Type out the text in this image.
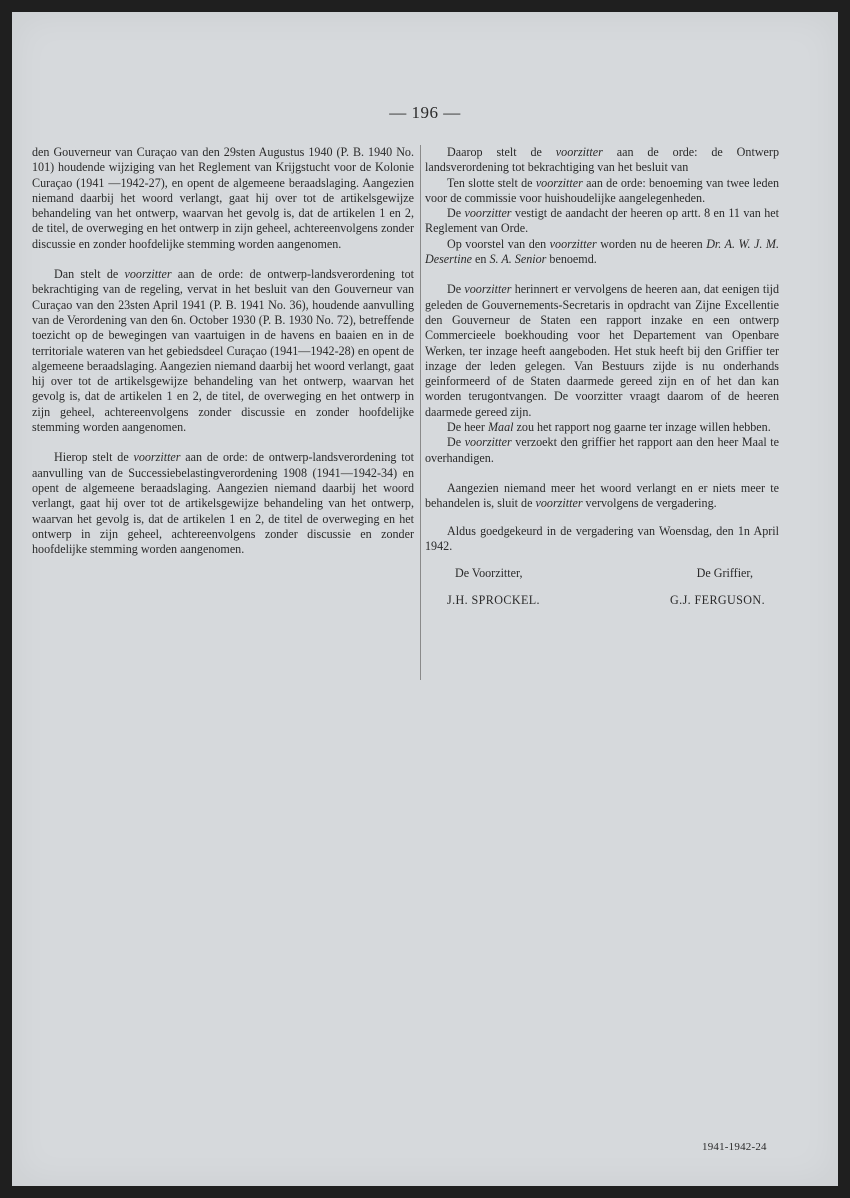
— 196 —

den Gouverneur van Curaçao van den 29sten Augustus 1940 (P. B. 1940 No. 101) houdende wijziging van het Reglement van Krijgstucht voor de Kolonie Curaçao (1941 —1942-27), en opent de algemeene beraadslaging. Aangezien niemand daarbij het woord verlangt, gaat hij over tot de artikelsgewijze behandeling van het ontwerp, waarvan het gevolg is, dat de artikelen 1 en 2, de titel, de overweging en het ontwerp in zijn geheel, achtereenvolgens zonder discussie en zonder hoofdelijke stemming worden aangenomen.

Dan stelt de voorzitter aan de orde: de ontwerp-landsverordening tot bekrachtiging van de regeling, vervat in het besluit van den Gouverneur van Curaçao van den 23sten April 1941 (P. B. 1941 No. 36), houdende aanvulling van de Verordening van den 6n. October 1930 (P. B. 1930 No. 72), betreffende toezicht op de bewegingen van vaartuigen in de havens en baaien en in de territoriale wateren van het gebiedsdeel Curaçao (1941—1942-28) en opent de algemeene beraadslaging. Aangezien niemand daarbij het woord verlangt, gaat hij over tot de artikelsgewijze behandeling van het ontwerp, waarvan het gevolg is, dat de artikelen 1 en 2, de titel, de overweging en het ontwerp in zijn geheel, achtereenvolgens zonder discussie en zonder hoofdelijke stemming worden aangenomen.

Hierop stelt de voorzitter aan de orde: de ontwerp-landsverordening tot aanvulling van de Successiebelastingverordening 1908 (1941—1942-34) en opent de algemeene beraadslaging. Aangezien niemand daarbij het woord verlangt, gaat hij over tot de artikelsgewijze behandeling van het ontwerp, waarvan het gevolg is, dat de artikelen 1 en 2, de titel de overweging en het ontwerp in zijn geheel, achtereenvolgens zonder discussie en zonder hoofdelijke stemming worden aangenomen.

Daarop stelt de voorzitter aan de orde: de Ontwerp landsverordening tot bekrachtiging van het besluit van

Ten slotte stelt de voorzitter aan de orde: benoeming van twee leden voor de commissie voor huishoudelijke aangelegenheden.

De voorzitter vestigt de aandacht der heeren op artt. 8 en 11 van het Reglement van Orde.

Op voorstel van den voorzitter worden nu de heeren Dr. A. W. J. M. Desertine en S. A. Senior benoemd.

De voorzitter herinnert er vervolgens de heeren aan, dat eenigen tijd geleden de Gouvernements-Secretaris in opdracht van Zijne Excellentie den Gouverneur de Staten een rapport inzake en een ontwerp Commercieele boekhouding voor het Departement van Openbare Werken, ter inzage heeft aangeboden. Het stuk heeft bij den Griffier ter inzage der leden gelegen. Van Bestuurs zijde is nu onderhands geinformeerd of de Staten daarmede gereed zijn en of het dan kan worden terugontvangen. De voorzitter vraagt daarom of de heeren daarmede gereed zijn.

De heer Maal zou het rapport nog gaarne ter inzage willen hebben.

De voorzitter verzoekt den griffier het rapport aan den heer Maal te overhandigen.

Aangezien niemand meer het woord verlangt en er niets meer te behandelen is, sluit de voorzitter vervolgens de vergadering.

Aldus goedgekeurd in de vergadering van Woensdag, den 1n April 1942.

De Voorzitter,	De Griffier,
J.H. SPROCKEL.	G.J. FERGUSON.
1941-1942-24
